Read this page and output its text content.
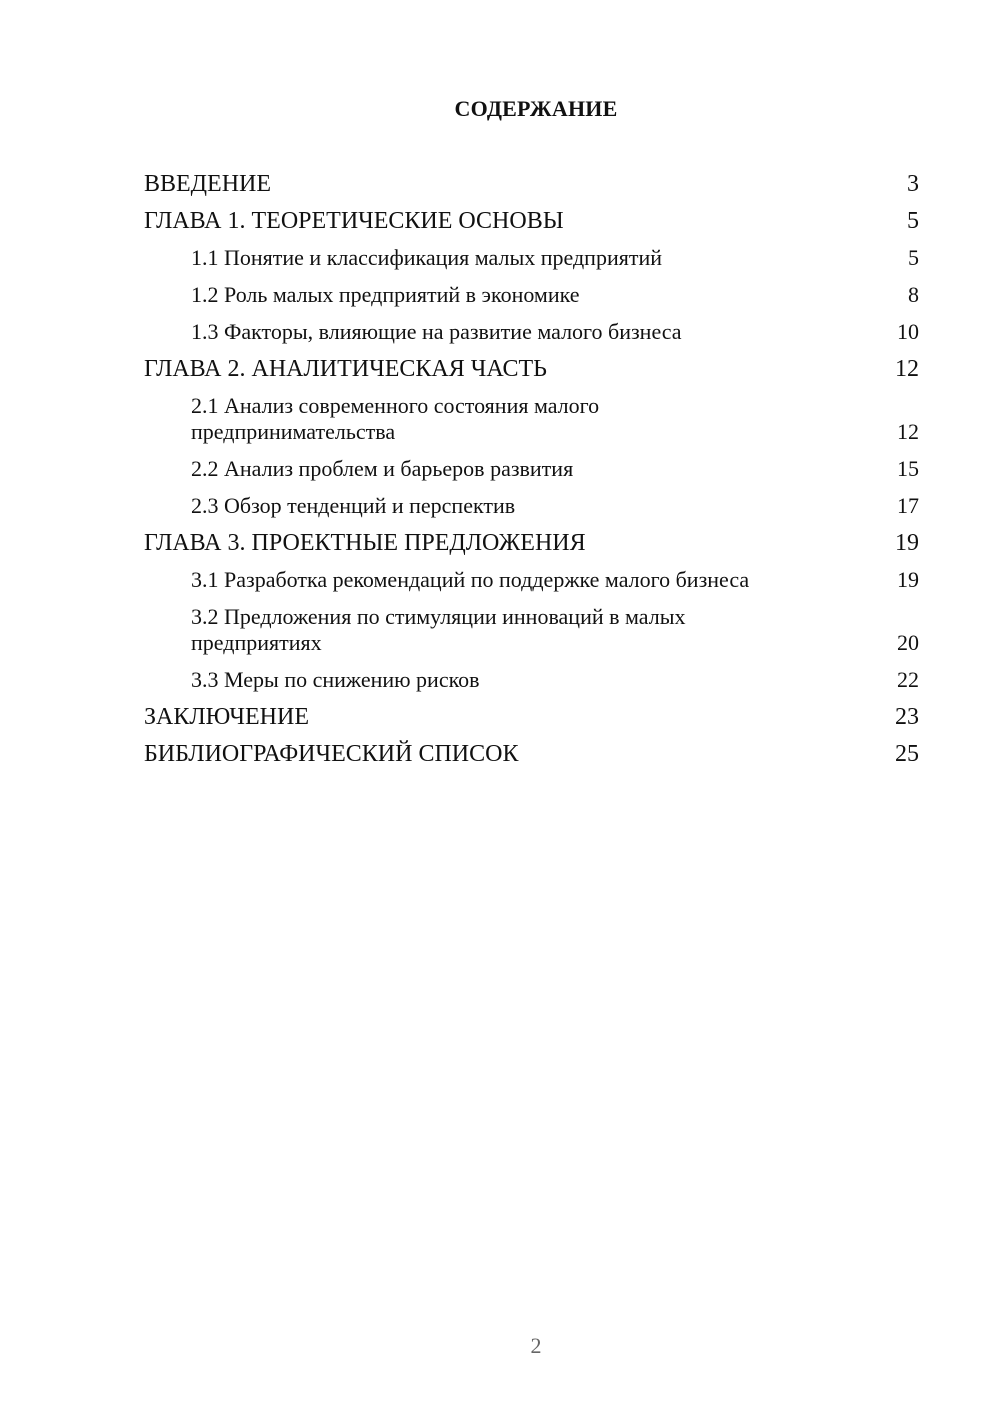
СОДЕРЖАНИЕ
ВВЕДЕНИЕ	3
ГЛАВА 1. ТЕОРЕТИЧЕСКИЕ ОСНОВЫ	5
1.1 Понятие и классификация малых предприятий	5
1.2 Роль малых предприятий в экономике	8
1.3 Факторы, влияющие на развитие малого бизнеса	10
ГЛАВА 2. АНАЛИТИЧЕСКАЯ ЧАСТЬ	12
2.1 Анализ современного состояния малого предпринимательства	12
2.2 Анализ проблем и барьеров развития	15
2.3 Обзор тенденций и перспектив	17
ГЛАВА 3. ПРОЕКТНЫЕ ПРЕДЛОЖЕНИЯ	19
3.1 Разработка рекомендаций по поддержке малого бизнеса	19
3.2 Предложения по стимуляции инноваций в малых предприятиях	20
3.3 Меры по снижению рисков	22
ЗАКЛЮЧЕНИЕ	23
БИБЛИОГРАФИЧЕСКИЙ СПИСОК	25
2
